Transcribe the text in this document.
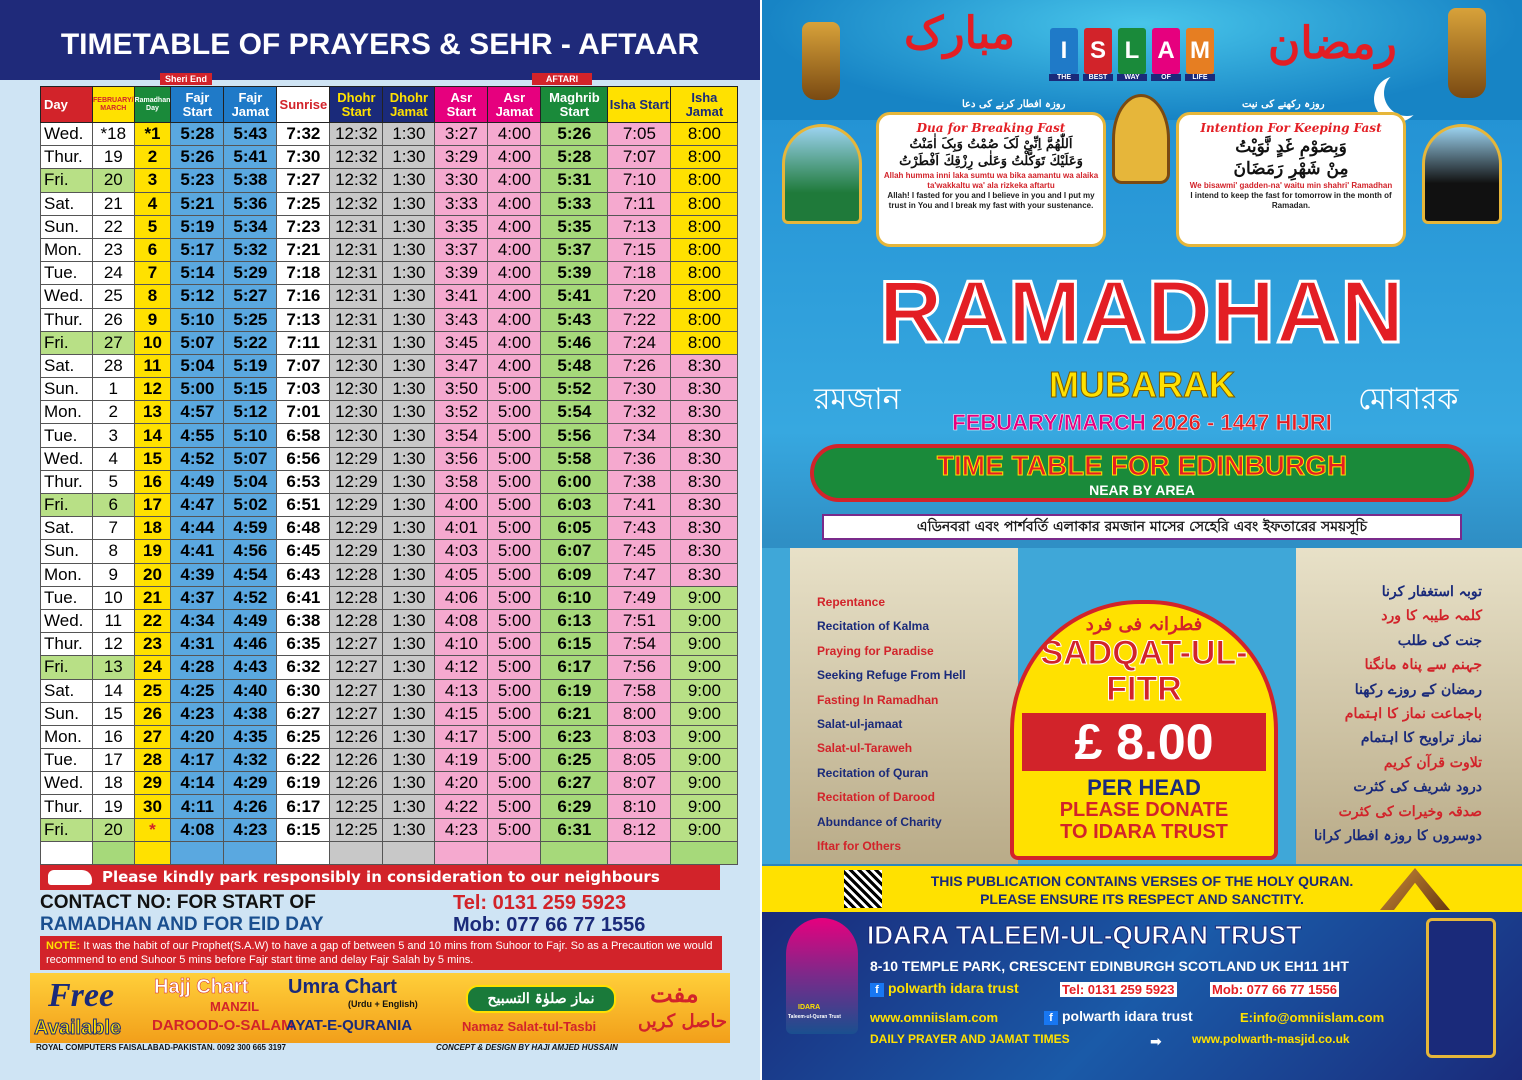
TIMETABLE OF PRAYERS & SEHR - AFTAAR
Sheri End	AFTARI
Day	FEBRUARY/ MARCH	Ramadhan Day	Fajr Start	Fajr Jamat	Sunrise	Dhohr Start	Dhohr Jamat	Asr Start	Asr Jamat	Maghrib Start	Isha Start	Isha Jamat
Wed.	*18	*1	5:28	5:43	7:32	12:32	1:30	3:27	4:00	5:26	7:05	8:00
Thur.	19	2	5:26	5:41	7:30	12:32	1:30	3:29	4:00	5:28	7:07	8:00
Fri.	20	3	5:23	5:38	7:27	12:32	1:30	3:30	4:00	5:31	7:10	8:00
Sat.	21	4	5:21	5:36	7:25	12:32	1:30	3:33	4:00	5:33	7:11	8:00
Sun.	22	5	5:19	5:34	7:23	12:31	1:30	3:35	4:00	5:35	7:13	8:00
Mon.	23	6	5:17	5:32	7:21	12:31	1:30	3:37	4:00	5:37	7:15	8:00
Tue.	24	7	5:14	5:29	7:18	12:31	1:30	3:39	4:00	5:39	7:18	8:00
Wed.	25	8	5:12	5:27	7:16	12:31	1:30	3:41	4:00	5:41	7:20	8:00
Thur.	26	9	5:10	5:25	7:13	12:31	1:30	3:43	4:00	5:43	7:22	8:00
Fri.	27	10	5:07	5:22	7:11	12:31	1:30	3:45	4:00	5:46	7:24	8:00
Sat.	28	11	5:04	5:19	7:07	12:30	1:30	3:47	4:00	5:48	7:26	8:30
Sun.	1	12	5:00	5:15	7:03	12:30	1:30	3:50	5:00	5:52	7:30	8:30
Mon.	2	13	4:57	5:12	7:01	12:30	1:30	3:52	5:00	5:54	7:32	8:30
Tue.	3	14	4:55	5:10	6:58	12:30	1:30	3:54	5:00	5:56	7:34	8:30
Wed.	4	15	4:52	5:07	6:56	12:29	1:30	3:56	5:00	5:58	7:36	8:30
Thur.	5	16	4:49	5:04	6:53	12:29	1:30	3:58	5:00	6:00	7:38	8:30
Fri.	6	17	4:47	5:02	6:51	12:29	1:30	4:00	5:00	6:03	7:41	8:30
Sat.	7	18	4:44	4:59	6:48	12:29	1:30	4:01	5:00	6:05	7:43	8:30
Sun.	8	19	4:41	4:56	6:45	12:29	1:30	4:03	5:00	6:07	7:45	8:30
Mon.	9	20	4:39	4:54	6:43	12:28	1:30	4:05	5:00	6:09	7:47	8:30
Tue.	10	21	4:37	4:52	6:41	12:28	1:30	4:06	5:00	6:10	7:49	9:00
Wed.	11	22	4:34	4:49	6:38	12:28	1:30	4:08	5:00	6:13	7:51	9:00
Thur.	12	23	4:31	4:46	6:35	12:27	1:30	4:10	5:00	6:15	7:54	9:00
Fri.	13	24	4:28	4:43	6:32	12:27	1:30	4:12	5:00	6:17	7:56	9:00
Sat.	14	25	4:25	4:40	6:30	12:27	1:30	4:13	5:00	6:19	7:58	9:00
Sun.	15	26	4:23	4:38	6:27	12:27	1:30	4:15	5:00	6:21	8:00	9:00
Mon.	16	27	4:20	4:35	6:25	12:26	1:30	4:17	5:00	6:23	8:03	9:00
Tue.	17	28	4:17	4:32	6:22	12:26	1:30	4:19	5:00	6:25	8:05	9:00
Wed.	18	29	4:14	4:29	6:19	12:26	1:30	4:20	5:00	6:27	8:07	9:00
Thur.	19	30	4:11	4:26	6:17	12:25	1:30	4:22	5:00	6:29	8:10	9:00
Fri.	20	*	4:08	4:23	6:15	12:25	1:30	4:23	5:00	6:31	8:12	9:00

Please kindly park responsibly in consideration to our neighbours
CONTACT NO: FOR START OF
RAMADHAN AND FOR EID DAY
Tel: 0131 259 5923
Mob: 077 66 77 1556
NOTE: It was the habit of our Prophet(S.A.W) to have a gap of between 5 and 10 mins from Suhoor to Fajr. So as a Precaution we would recommend to end Suhoor 5 mins before Fajr start time and delay Fajr Salah by 5 mins.
Free
Available
Hajj Chart Umra Chart
(Urdu + English)
MANZIL
DAROOD-O-SALAM
AYAT-E-QURANIA
نماز صلوٰۃ التسبیح
Namaz Salat-tul-Tasbi
مفت
حاصل کریں
ROYAL COMPUTERS FAISALABAD-PAKISTAN. 0092 300 665 3197	CONCEPT & DESIGN BY HAJI AMJED HUSSAIN
مبارک	رمضان
I
THE
S
BEST
L
WAY
A
OF
M
LIFE
روزہ افطار کرنے کی دعا	روزہ رکھنے کی نیت
Dua for Breaking Fast
اَللّٰهُمَّ اِنِّیْ لَکَ صُمْتُ وَبِکَ اٰمَنْتُ
وَعَلَيْكَ تَوَكَّلْتُ وَعَلٰى رِزْقِكَ اَفْطَرْتُ
Allah humma inni laka sumtu wa bika aamantu wa alaika ta'wakkaltu wa' ala rizkeka aftartu
Allah! I fasted for you and I believe in you and I put my trust in You and I break my fast with your sustenance.
Intention For Keeping Fast
وَبِصَوْمِ غَدٍ نَّوَيْتُ
مِنْ شَهْرِ رَمَضَانَ
We bisawmi' gadden-na' waitu min shahri' Ramadhan
I intend to keep the fast for tomorrow in the month of Ramadan.
RAMADHAN
রমজান	MUBARAK	মোবারক
FEBUARY/MARCH 2026 - 1447 HIJRI
TIME TABLE FOR EDINBURGH
NEAR BY AREA
এডিনবরা এবং পার্শবর্তি এলাকার রমজান মাসের সেহেরি এবং ইফতারের সময়সূচি
Repentance
Recitation of Kalma
Praying for Paradise
Seeking Refuge From Hell
Fasting In Ramadhan
Salat-ul-jamaat
Salat-ul-Taraweh
Recitation of Quran
Recitation of Darood
Abundance of Charity
Iftar for Others
توبہ استغفار کرنا
کلمہ طیبہ کا ورد
جنت کی طلب
جہنم سے پناہ مانگنا
رمضان کے روزے رکھنا
باجماعت نماز کا اہتمام
نماز تراویح کا اہتمام
تلاوت قرآن کریم
درود شریف کی کثرت
صدقہ وخیرات کی کثرت
دوسروں کا روزہ افطار کرانا
فطرانہ فی فرد
SADQAT-UL-FITR
£ 8.00
PER HEAD
PLEASE DONATE
TO IDARA TRUST
THIS PUBLICATION CONTAINS VERSES OF THE HOLY QURAN.
PLEASE ENSURE ITS RESPECT AND SANCTITY.
IDARA
Taleem-ul-Quran Trust
IDARA TALEEM-UL-QURAN TRUST
8-10 TEMPLE PARK, CRESCENT EDINBURGH SCOTLAND UK EH11 1HT
f polwarth idara trust	Tel: 0131 259 5923	Mob: 077 66 77 1556
www.omniislam.com	f polwarth idara trust	E:info@omniislam.com
DAILY PRAYER AND JAMAT TIMES	➡	www.polwarth-masjid.co.uk
